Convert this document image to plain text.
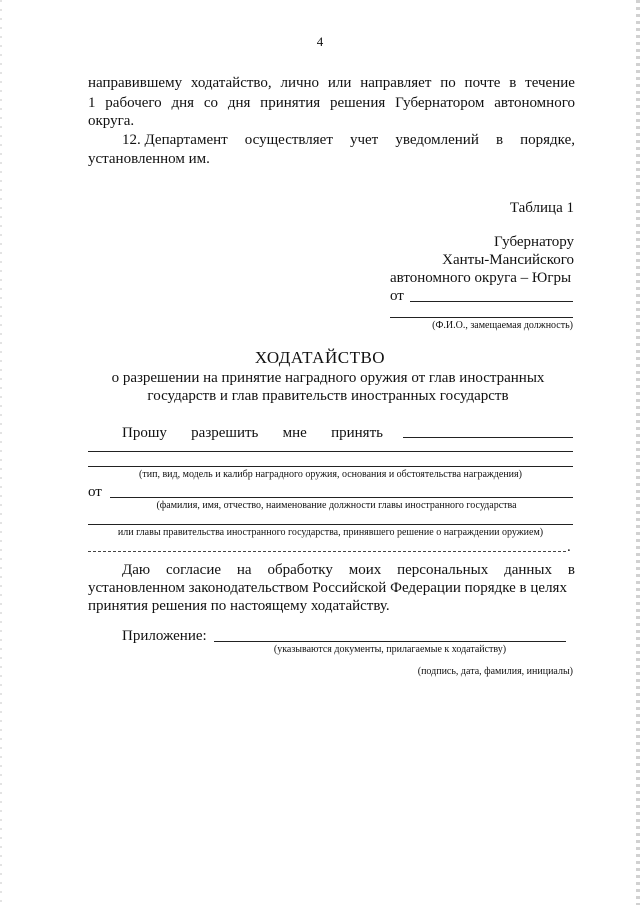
4
направившему ходатайство, лично или направляет по почте в течение
1 рабочего дня со дня принятия решения Губернатором автономного
округа.
12. Департамент осуществляет учет уведомлений в порядке,
установленном им.
Таблица 1
Губернатору
Ханты-Мансийского
автономного округа – Югры
от
(Ф.И.О., замещаемая должность)
ХОДАТАЙСТВО
о разрешении на принятие наградного оружия от глав иностранных
государств и глав правительств иностранных государств
Прошу разрешить мне принять
(тип, вид, модель и калибр наградного оружия, основания и обстоятельства награждения)
от
(фамилия, имя, отчество, наименование должности главы иностранного государства
или главы правительства иностранного государства, принявшего решение о награждении оружием)
.
Даю согласие на обработку моих персональных данных в
установленном законодательством Российской Федерации порядке в целях
принятия решения по настоящему ходатайству.
Приложение:
(указываются документы, прилагаемые к ходатайству)
(подпись, дата, фамилия, инициалы)
